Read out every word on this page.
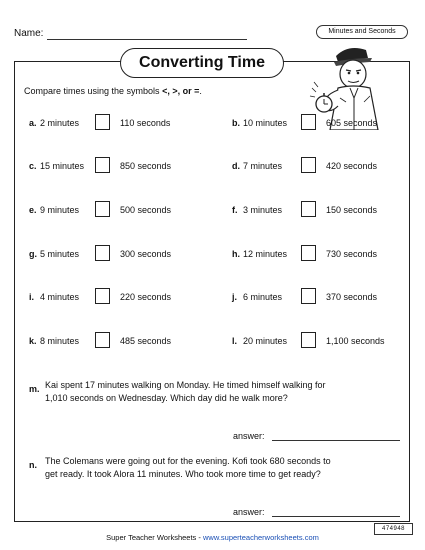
Name:	Minutes and Seconds
Converting Time
Compare times using the symbols <, >, or =.
a. 2 minutes	110 seconds	b. 10 minutes	605 seconds
c. 15 minutes	850 seconds	d. 7 minutes	420 seconds
e. 9 minutes	500 seconds	f. 3 minutes	150 seconds
g. 5 minutes	300 seconds	h. 12 minutes	730 seconds
i. 4 minutes	220 seconds	j. 6 minutes	370 seconds
k. 8 minutes	485 seconds	l. 20 minutes	1,100 seconds
m. Kai spent 17 minutes walking on Monday. He timed himself walking for
1,010 seconds on Wednesday. Which day did he walk more?
answer:
n. The Colemans were going out for the evening. Kofi took 680 seconds to
get ready. It took Alora 11 minutes. Who took more time to get ready?
answer:
474948
Super Teacher Worksheets - www.superteacherworksheets.com
